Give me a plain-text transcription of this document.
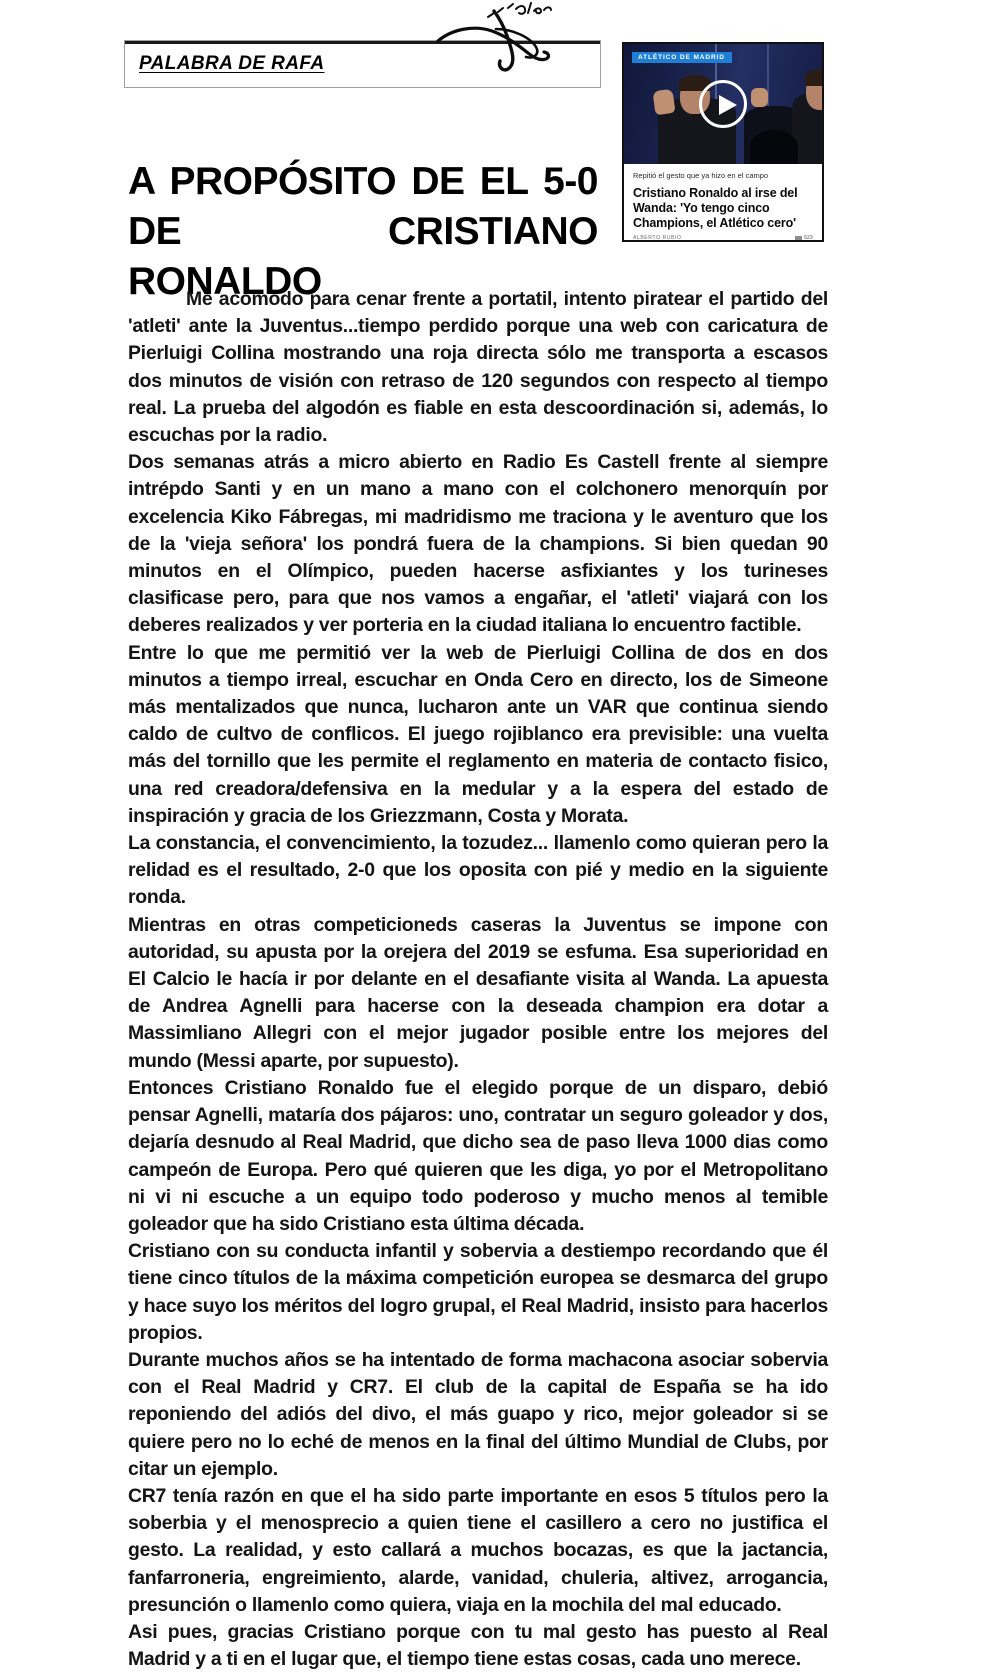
PALABRA DE RAFA
A PROPÓSITO DE EL 5-0 DE CRISTIANO RONALDO
ATLÉTICO DE MADRID
Repitió el gesto que ya hizo en el campo
Cristiano Ronaldo al irse del Wanda: 'Yo tengo cinco Champions, el Atlético cero'
ALBERTO RUBIO	523

Me acomodo para cenar frente a portatil, intento piratear el partido del 'atleti' ante la Juventus...tiempo perdido porque una web con caricatura de Pierluigi Collina mostrando una roja directa sólo me transporta a escasos dos minutos de visión con retraso de 120 segundos con respecto al tiempo real. La prueba del algodón es fiable en esta descoordinación si, además, lo escuchas por la radio.

Dos semanas atrás a micro abierto en Radio Es Castell frente al siempre intrépdo Santi y en un mano a mano con el colchonero menorquín por excelencia Kiko Fábregas, mi madridismo me traciona y le aventuro que los de la 'vieja señora' los pondrá fuera de la champions. Si bien quedan 90 minutos en el Olímpico, pueden hacerse asfixiantes y los turineses clasificase pero, para que nos vamos a engañar, el 'atleti' viajará con los deberes realizados y ver porteria en la ciudad italiana lo encuentro factible.

Entre lo que me permitió ver la web de Pierluigi Collina de dos en dos minutos a tiempo irreal, escuchar en Onda Cero en directo, los de Simeone más mentalizados que nunca, lucharon ante un VAR que continua siendo caldo de cultvo de conflicos. El juego rojiblanco era previsible: una vuelta más del tornillo que les permite el reglamento en materia de contacto fisico, una red creadora/defensiva en la medular y a la espera del estado de inspiración y gracia de los Griezzmann, Costa y Morata.

La constancia, el convencimiento, la tozudez... llamenlo como quieran pero la relidad es el resultado, 2-0 que los oposita con pié y medio en la siguiente ronda.

Mientras en otras competicioneds caseras la Juventus se impone con autoridad, su apusta por la orejera del 2019 se esfuma. Esa superioridad en El Calcio le hacía ir por delante en el desafiante visita al Wanda. La apuesta de Andrea Agnelli para hacerse con la deseada champion era dotar a Massimliano Allegri con el mejor jugador posible entre los mejores del mundo (Messi aparte, por supuesto).

Entonces Cristiano Ronaldo fue el elegido porque de un disparo, debió pensar Agnelli, mataría dos pájaros: uno, contratar un seguro goleador y dos, dejaría desnudo al Real Madrid, que dicho sea de paso lleva 1000 dias como campeón de Europa. Pero qué quieren que les diga, yo por el Metropolitano ni vi ni escuche a un equipo todo poderoso y mucho menos al temible goleador que ha sido Cristiano esta última década.

Cristiano con su conducta infantil y sobervia a destiempo recordando que él tiene cinco títulos de la máxima competición europea se desmarca del grupo y hace suyo los méritos del logro grupal, el Real Madrid, insisto para hacerlos propios.

Durante muchos años se ha intentado de forma machacona asociar sobervia con el Real Madrid y CR7. El club de la capital de España se ha ido reponiendo del adiós del divo, el más guapo y rico, mejor goleador si se quiere pero no lo eché de menos en la final del último Mundial de Clubs, por citar un ejemplo.

CR7 tenía razón en que el ha sido parte importante en esos 5 títulos pero la soberbia y el menosprecio a quien tiene el casillero a cero no justifica el gesto. La realidad, y esto callará a muchos bocazas, es que la jactancia, fanfarroneria, engreimiento, alarde, vanidad, chuleria, altivez, arrogancia, presunción o llamenlo como quiera, viaja en la mochila del mal educado.

Asi pues, gracias Cristiano porque con tu mal gesto has puesto al Real Madrid y a ti en el lugar que, el tiempo tiene estas cosas, cada uno merece.
